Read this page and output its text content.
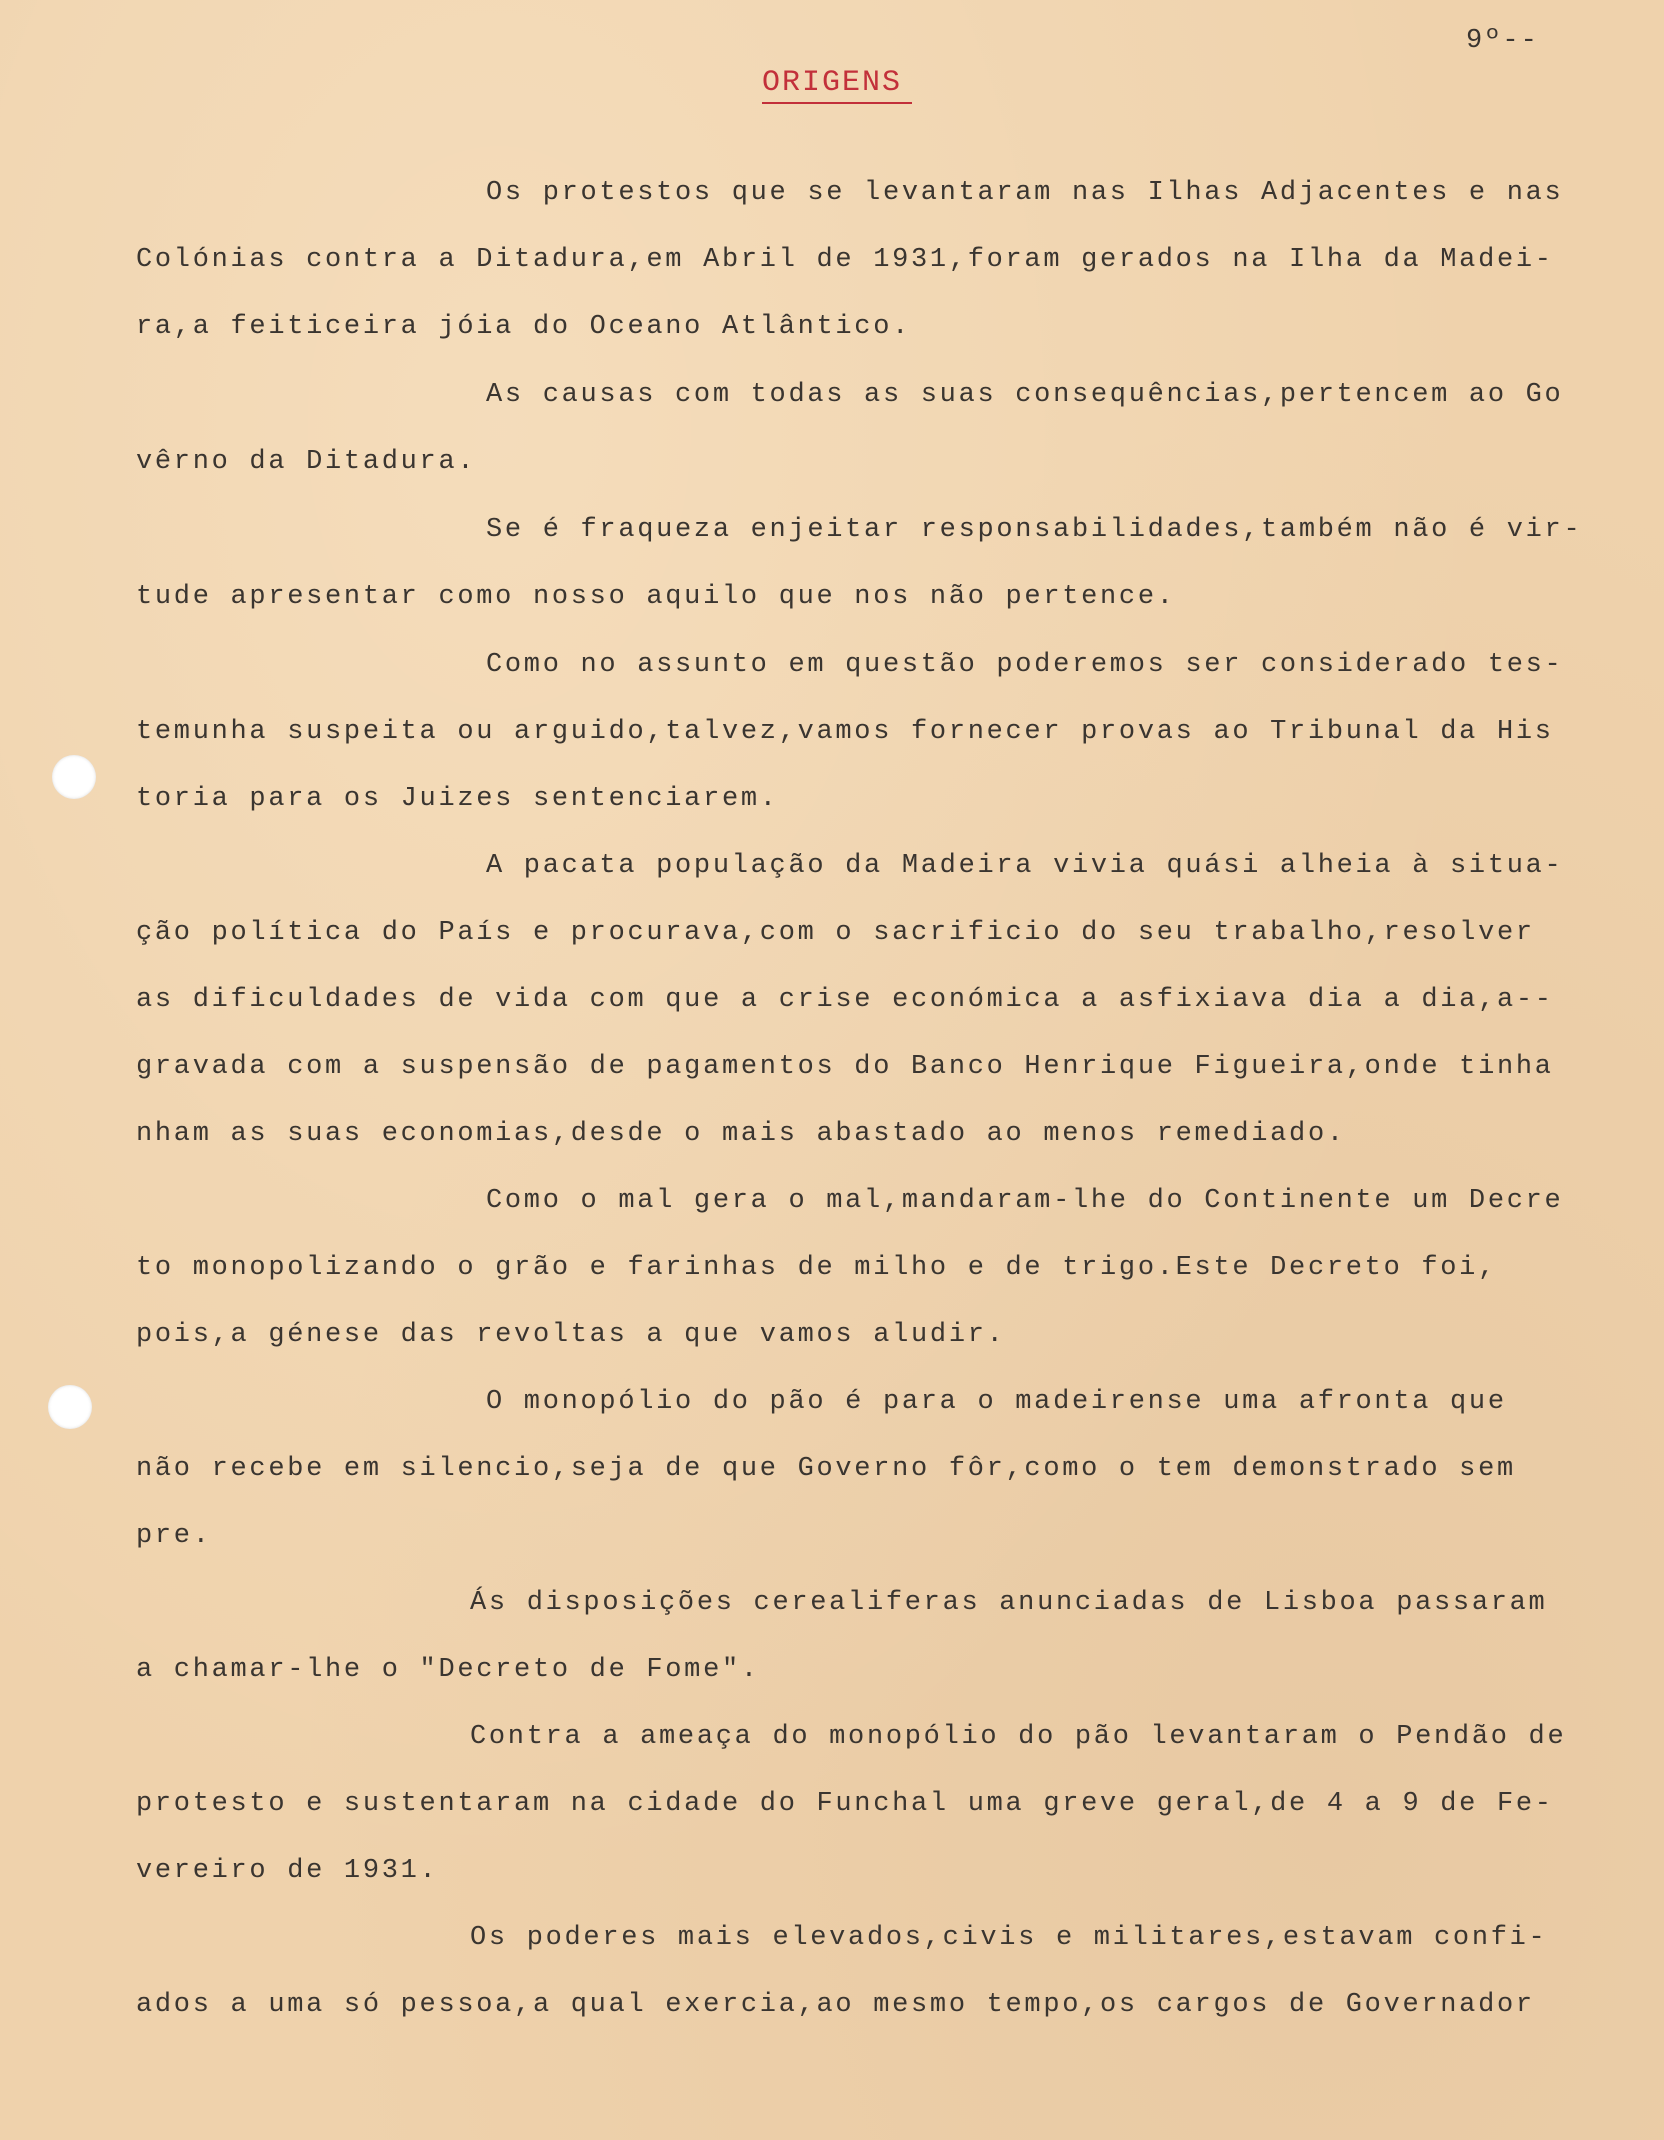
9º--
ORIGENS
Os protestos que se levantaram nas Ilhas Adjacentes e nas
Colónias contra a Ditadura,em Abril de 1931,foram gerados na Ilha da Madei-
ra,a feiticeira jóia do Oceano Atlântico.
As causas com todas as suas consequências,pertencem ao Go
vêrno da Ditadura.
Se é fraqueza enjeitar responsabilidades,também não é vir-
tude apresentar como nosso aquilo que nos não pertence.
Como no assunto em questão poderemos ser considerado tes-
temunha suspeita ou arguido,talvez,vamos fornecer provas ao Tribunal da His
toria para os Juizes sentenciarem.
A pacata população da Madeira vivia quási alheia à situa-
ção política do País e procurava,com o sacrificio do seu trabalho,resolver
as dificuldades de vida com que a crise económica a asfixiava dia a dia,a--
gravada com a suspensão de pagamentos do Banco Henrique Figueira,onde tinha
nham as suas economias,desde o mais abastado ao menos remediado.
Como o mal gera o mal,mandaram-lhe do Continente um Decre
to monopolizando o grão e farinhas de milho e de trigo.Este Decreto foi,
pois,a génese das revoltas a que vamos aludir.
O monopólio do pão é para o madeirense uma afronta que
não recebe em silencio,seja de que Governo fôr,como o tem demonstrado sem
pre.
Ás disposições cerealiferas anunciadas de Lisboa passaram
a chamar-lhe o "Decreto de Fome".
Contra a ameaça do monopólio do pão levantaram o Pendão de
protesto e sustentaram na cidade do Funchal uma greve geral,de 4 a 9 de Fe-
vereiro de 1931.
Os poderes mais elevados,civis e militares,estavam confi-
ados a uma só pessoa,a qual exercia,ao mesmo tempo,os cargos de Governador
